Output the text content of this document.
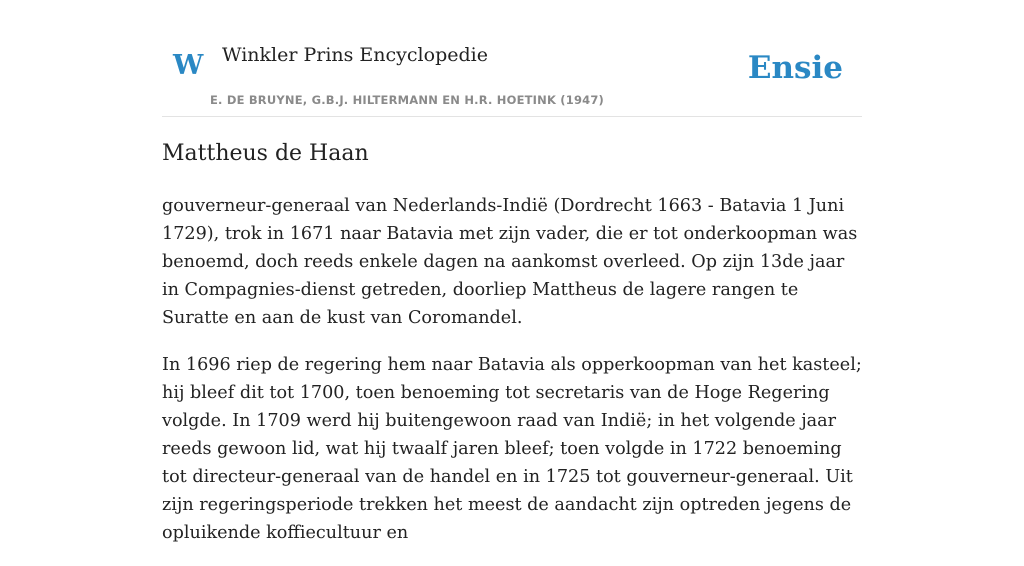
W Winkler Prins Encyclopedie
E. DE BRUYNE, G.B.J. HILTERMANN EN H.R. HOETINK (1947)
Ensie
Mattheus de Haan

gouverneur-generaal van Nederlands-Indië (Dordrecht 1663 - Batavia 1 Juni 1729), trok in 1671 naar Batavia met zijn vader, die er tot onderkoopman was benoemd, doch reeds enkele dagen na aankomst overleed. Op zijn 13de jaar in Compagnies-dienst getreden, doorliep Mattheus de lagere rangen te Suratte en aan de kust van Coromandel.

In 1696 riep de regering hem naar Batavia als opperkoopman van het kasteel; hij bleef dit tot 1700, toen benoeming tot secretaris van de Hoge Regering volgde. In 1709 werd hij buitengewoon raad van Indië; in het volgende jaar reeds gewoon lid, wat hij twaalf jaren bleef; toen volgde in 1722 benoeming tot directeur-generaal van de handel en in 1725 tot gouverneur-generaal. Uit zijn regeringsperiode trekken het meest de aandacht zijn optreden jegens de opluikende koffiecultuur en
